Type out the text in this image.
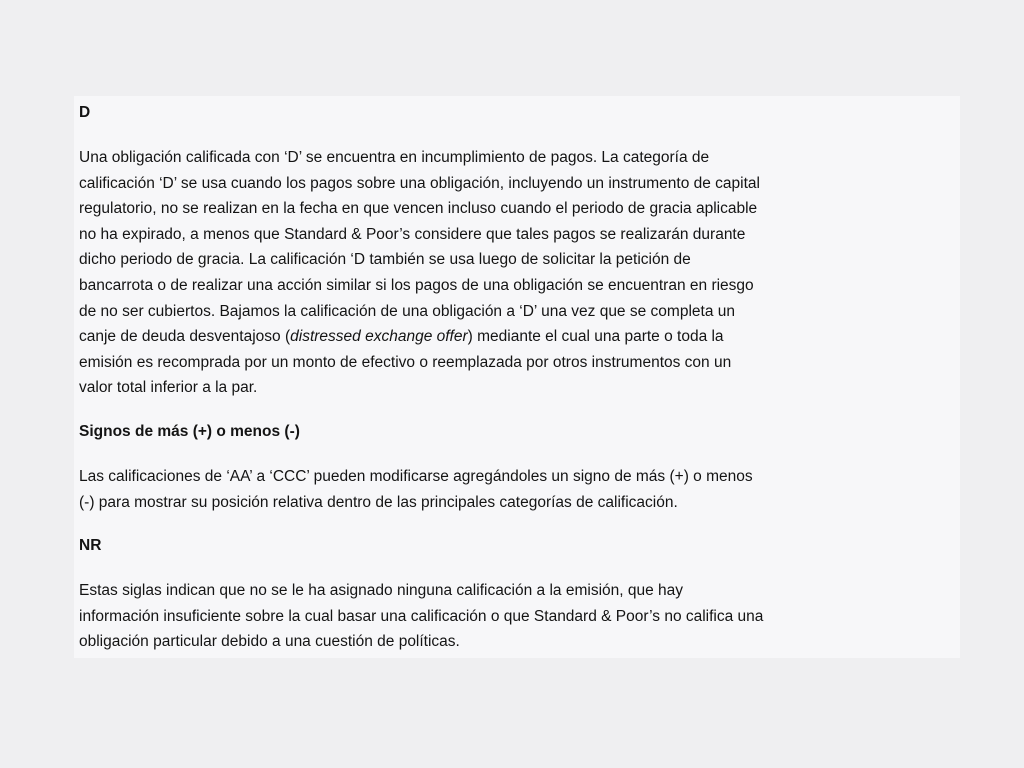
D

Una obligación calificada con ‘D’ se encuentra en incumplimiento de pagos. La categoría de
calificación ‘D’ se usa cuando los pagos sobre una obligación, incluyendo un instrumento de capital
regulatorio, no se realizan en la fecha en que vencen incluso cuando el periodo de gracia aplicable
no ha expirado, a menos que Standard & Poor’s considere que tales pagos se realizarán durante
dicho periodo de gracia. La calificación ‘D también se usa luego de solicitar la petición de
bancarrota o de realizar una acción similar si los pagos de una obligación se encuentran en riesgo
de no ser cubiertos. Bajamos la calificación de una obligación a ‘D’ una vez que se completa un
canje de deuda desventajoso (distressed exchange offer) mediante el cual una parte o toda la
emisión es recomprada por un monto de efectivo o reemplazada por otros instrumentos con un
valor total inferior a la par.

Signos de más (+) o menos (-)

Las calificaciones de ‘AA’ a ‘CCC’ pueden modificarse agregándoles un signo de más (+) o menos
(-) para mostrar su posición relativa dentro de las principales categorías de calificación.

NR

Estas siglas indican que no se le ha asignado ninguna calificación a la emisión, que hay
información insuficiente sobre la cual basar una calificación o que Standard & Poor’s no califica una
obligación particular debido a una cuestión de políticas.
